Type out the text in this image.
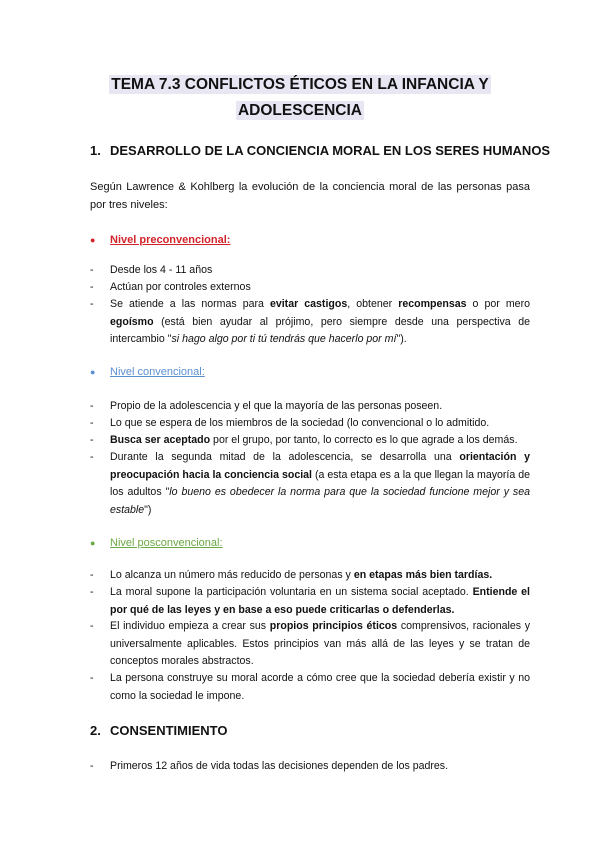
TEMA 7.3 CONFLICTOS ÉTICOS EN LA INFANCIA Y
ADOLESCENCIA
1. DESARROLLO DE LA CONCIENCIA MORAL EN LOS SERES HUMANOS
Según Lawrence & Kohlberg la evolución de la conciencia moral de las personas pasa por tres niveles:
● Nivel preconvencional:
-	Desde los 4 - 11 años
-	Actúan por controles externos
-	Se atiende a las normas para evitar castigos, obtener recompensas o por mero egoísmo (está bien ayudar al prójimo, pero siempre desde una perspectiva de intercambio "si hago algo por ti tú tendrás que hacerlo por mí").
● Nivel convencional:
-	Propio de la adolescencia y el que la mayoría de las personas poseen.
-	Lo que se espera de los miembros de la sociedad (lo convencional o lo admitido.
-	Busca ser aceptado por el grupo, por tanto, lo correcto es lo que agrade a los demás.
-	Durante la segunda mitad de la adolescencia, se desarrolla una orientación y preocupación hacia la conciencia social (a esta etapa es a la que llegan la mayoría de los adultos "lo bueno es obedecer la norma para que la sociedad funcione mejor y sea estable")
● Nivel posconvencional:
-	Lo alcanza un número más reducido de personas y en etapas más bien tardías.
-	La moral supone la participación voluntaria en un sistema social aceptado. Entiende el por qué de las leyes y en base a eso puede criticarlas o defenderlas.
-	El individuo empieza a crear sus propios principios éticos comprensivos, racionales y universalmente aplicables. Estos principios van más allá de las leyes y se tratan de conceptos morales abstractos.
-	La persona construye su moral acorde a cómo cree que la sociedad debería existir y no como la sociedad le impone.
2. CONSENTIMIENTO
-	Primeros 12 años de vida todas las decisiones dependen de los padres.
